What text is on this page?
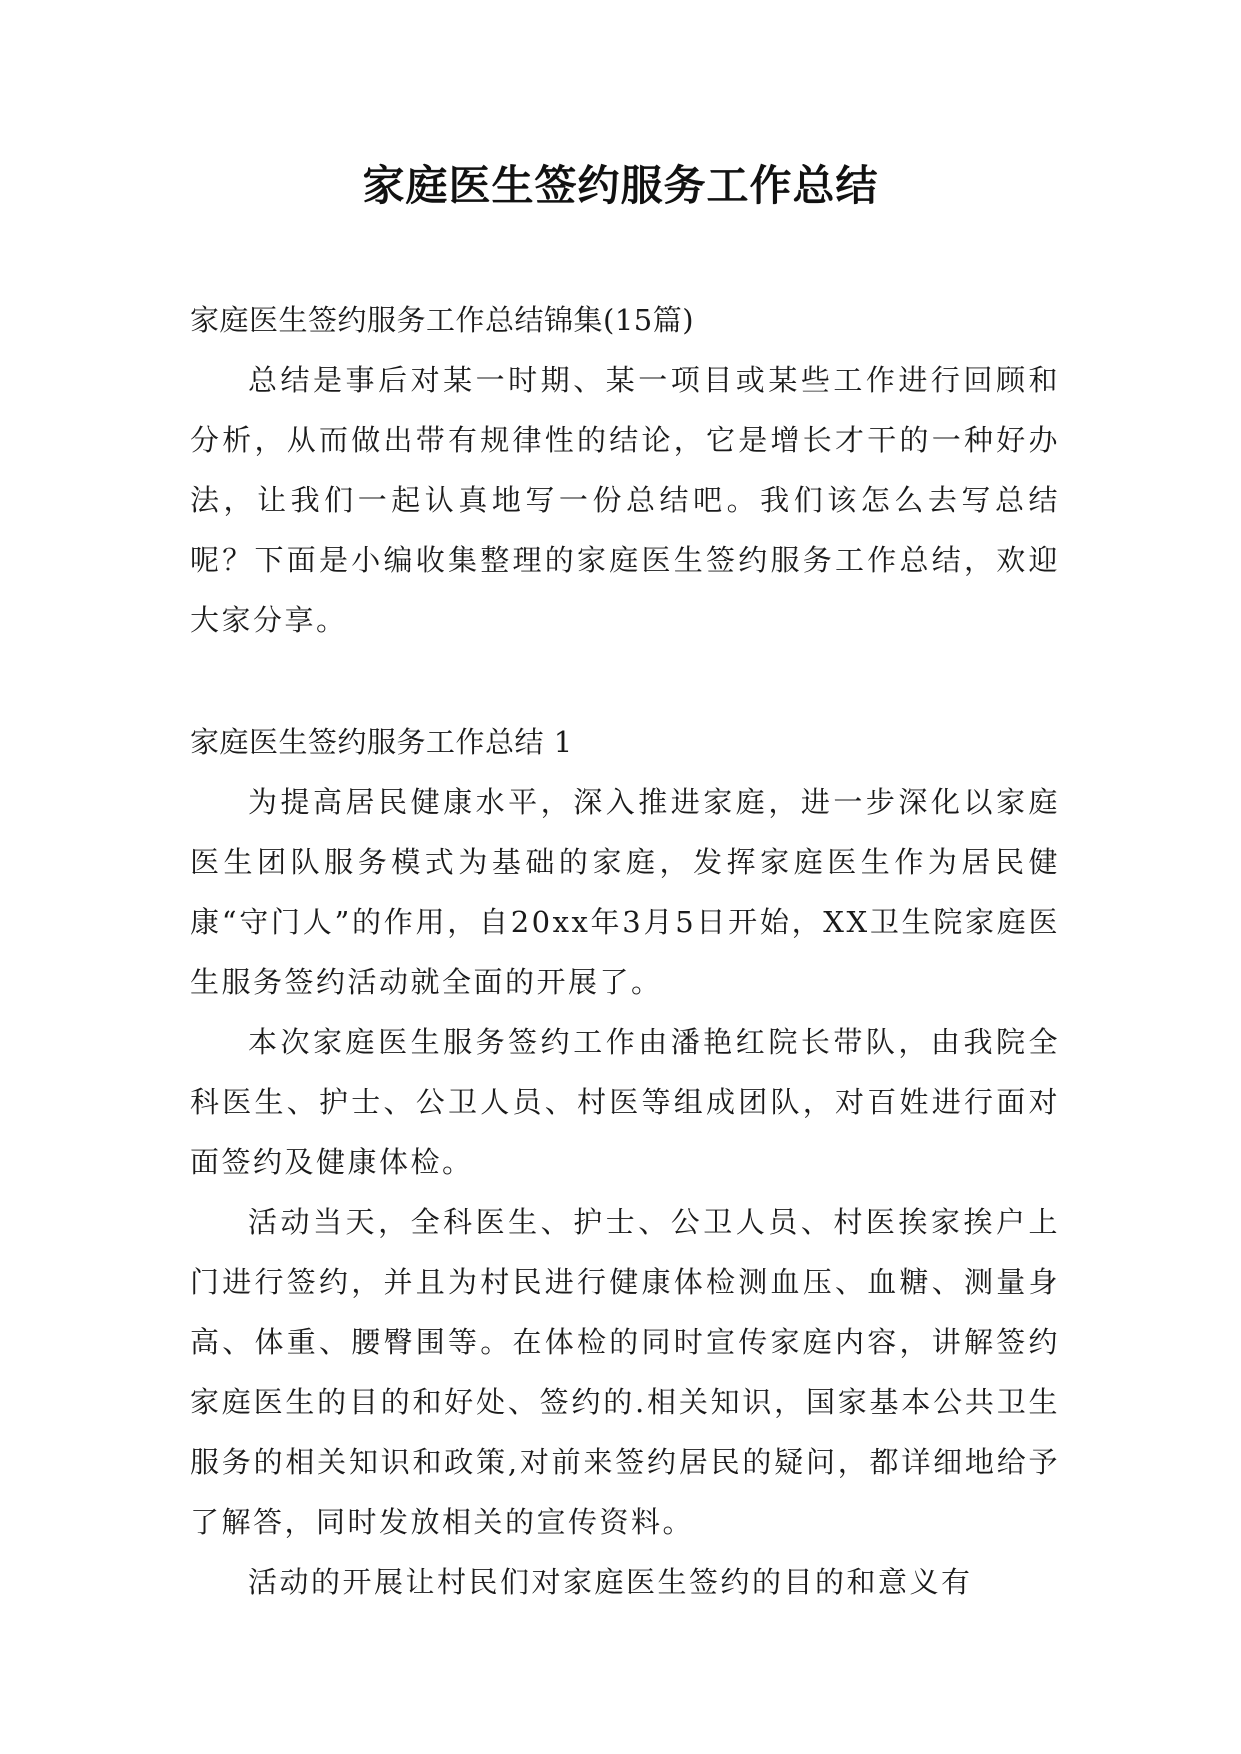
家庭医生签约服务工作总结

家庭医生签约服务工作总结锦集(15篇)

总结是事后对某一时期、某一项目或某些工作进行回顾和分析，从而做出带有规律性的结论，它是增长才干的一种好办法，让我们一起认真地写一份总结吧。我们该怎么去写总结呢？下面是小编收集整理的家庭医生签约服务工作总结，欢迎大家分享。

家庭医生签约服务工作总结 1

为提高居民健康水平，深入推进家庭，进一步深化以家庭医生团队服务模式为基础的家庭，发挥家庭医生作为居民健康“守门人”的作用，自20xx年3月5日开始，XX卫生院家庭医生服务签约活动就全面的开展了。

本次家庭医生服务签约工作由潘艳红院长带队，由我院全科医生、护士、公卫人员、村医等组成团队，对百姓进行面对面签约及健康体检。

活动当天，全科医生、护士、公卫人员、村医挨家挨户上门进行签约，并且为村民进行健康体检测血压、血糖、测量身高、体重、腰臀围等。在体检的同时宣传家庭内容，讲解签约家庭医生的目的和好处、签约的.相关知识，国家基本公共卫生服务的相关知识和政策,对前来签约居民的疑问，都详细地给予了解答，同时发放相关的宣传资料。

活动的开展让村民们对家庭医生签约的目的和意义有
